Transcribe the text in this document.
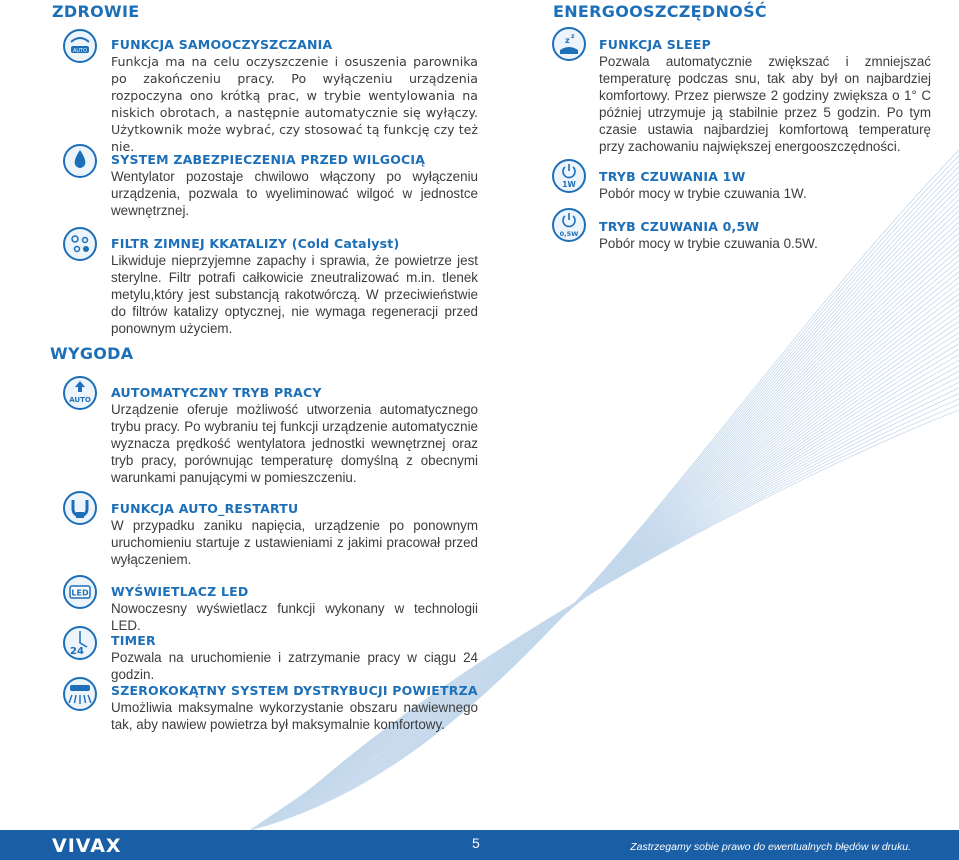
ZDROWIE
WYGODA
ENERGOOSZCZĘDNOŚĆ
AUTO FUNKCJA SAMOOCZYSZCZANIA
Funkcja ma na celu oczyszczenie i osuszenia parownika po zakończeniu pracy. Po wyłączeniu urządzenia rozpoczyna ono krótką prac, w trybie wentylowania na niskich obrotach, a następnie automatycznie się wyłączy. Użytkownik może wybrać, czy stosować tą funkcję czy też nie.
SYSTEM ZABEZPIECZENIA PRZED WILGOCIĄ
Wentylator pozostaje chwilowo włączony po wyłączeniu urządzenia, pozwala to wyeliminować wilgoć w jednostce wewnętrznej.
FILTR ZIMNEJ KKATALIZY (Cold Catalyst)
Likwiduje nieprzyjemne zapachy i sprawia, że powietrze jest sterylne. Filtr potrafi całkowicie zneutralizować m.in. tlenek metylu,który jest substancją rakotwórczą. W przeciwieństwie do filtrów katalizy optycznej, nie wymaga regeneracji przed ponownym użyciem.
AUTO AUTOMATYCZNY TRYB PRACY
Urządzenie oferuje możliwość utworzenia automatycznego trybu pracy. Po wybraniu tej funkcji urządzenie automatycznie wyznacza prędkość wentylatora jednostki wewnętrznej oraz tryb pracy, porównując temperaturę domyślną z obecnymi warunkami panującymi w pomieszczeniu.
FUNKCJA AUTO_RESTARTU
W przypadku zaniku napięcia, urządzenie po ponownym uruchomieniu startuje z ustawieniami z jakimi pracował przed wyłączeniem.
LED WYŚWIETLACZ LED
Nowoczesny wyświetlacz funkcji wykonany w technologii LED.
24
TIMER
Pozwala na uruchomienie i zatrzymanie pracy w ciągu 24 godzin.
SZEROKOKĄTNY SYSTEM DYSTRYBUCJI POWIETRZA
Umożliwia maksymalne wykorzystanie obszaru nawiewnego tak, aby nawiew powietrza był maksymalnie komfortowy.
z z
FUNKCJA SLEEP
Pozwala automatycznie zwiększać i zmniejszać temperaturę podczas snu, tak aby był on najbardziej komfortowy. Przez pierwsze 2 godziny zwiększa o 1° C później utrzymuje ją stabilnie przez 5 godzin. Po tym czasie ustawia najbardziej komfortową temperaturę przy zachowaniu największej energooszczędności.
1W
TRYB CZUWANIA 1W
Pobór mocy w trybie czuwania 1W.
0,5W TRYB CZUWANIA 0,5W
Pobór mocy w trybie czuwania 0.5W.
VIVAX	5	Zastrzegamy sobie prawo do ewentualnych błędów w druku.
